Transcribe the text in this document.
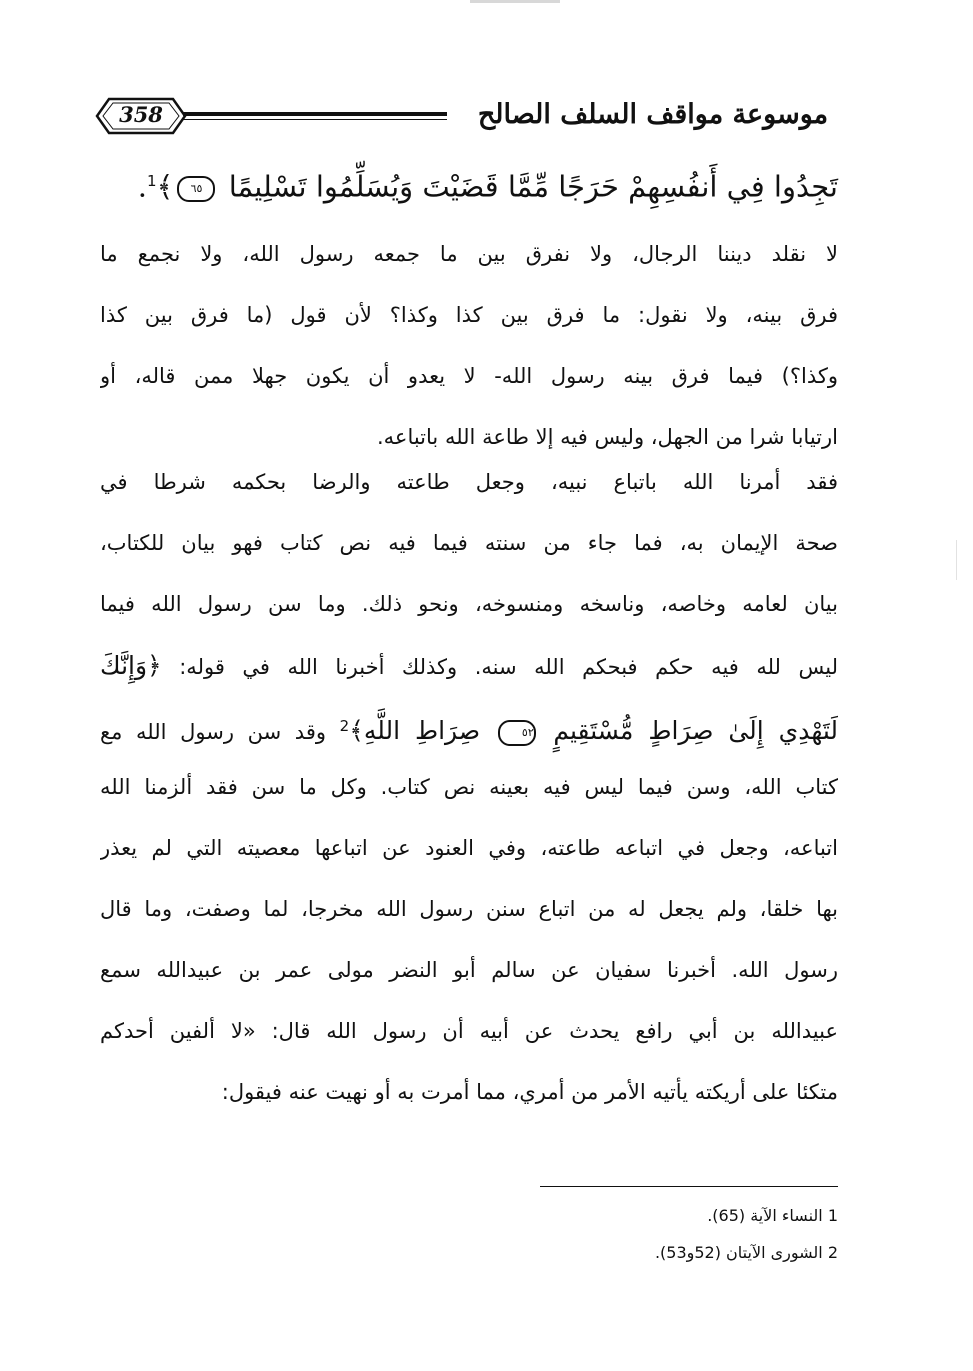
358	موسوعة مواقف السلف الصالح
تَجِدُوا فِي أَنفُسِهِمْ حَرَجًا مِّمَّا قَضَيْتَ وَيُسَلِّمُوا تَسْلِيمًا ٦٥﴾$^1$.
لا نقلد ديننا الرجال، ولا نفرق بين ما جمعه رسول الله، ولا نجمع ما
فرق بينه، ولا نقول: ما فرق بين كذا وكذا؟ لأن قول (ما فرق بين كذا
وكذا؟) فيما فرق بينه رسول الله- لا يعدو أن يكون جهلا ممن قاله، أو
ارتيابا شرا من الجهل، وليس فيه إلا طاعة الله باتباعه.
فقد أمرنا الله باتباع نبيه، وجعل طاعته والرضا بحكمه شرطا في
صحة الإيمان به، فما جاء من سنته فيما فيه نص كتاب فهو بيان للكتاب،
بيان لعامه وخاصه، وناسخه ومنسوخه، ونحو ذلك. وما سن رسول الله فيما
ليس لله فيه حكم فبحكم الله سنه. وكذلك أخبرنا الله في قوله: ﴿وَإِنَّكَ
لَتَهْدِي إِلَىٰ صِرَاطٍ مُّسْتَقِيمٍ ٥٢ صِرَاطِ اللَّهِ﴾$^2$ وقد سن رسول الله مع
كتاب الله، وسن فيما ليس فيه بعينه نص كتاب. وكل ما سن فقد ألزمنا الله
اتباعه، وجعل في اتباعه طاعته، وفي العنود عن اتباعها معصيته التي لم يعذر
بها خلقا، ولم يجعل له من اتباع سنن رسول الله مخرجا، لما وصفت، وما قال
رسول الله. أخبرنا سفيان عن سالم أبو النضر مولى عمر بن عبيدالله سمع
عبيدالله بن أبي رافع يحدث عن أبيه أن رسول الله قال: «لا ألفين أحدكم
متكئا على أريكته يأتيه الأمر من أمري، مما أمرت به أو نهيت عنه فيقول:
1 النساء الآية (65).
2 الشورى الآيتان (52و53).
